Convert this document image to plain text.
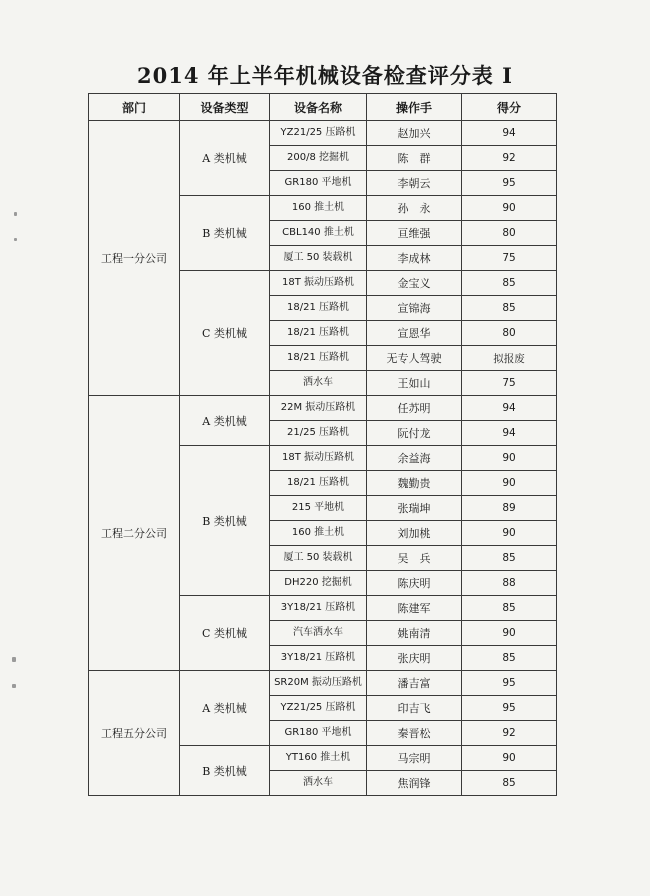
2014 年上半年机械设备检查评分表 I
部门	设备类型	设备名称	操作手	得分
工程一分公司	A 类机械	YZ21/25 压路机	赵加兴	94
		200/8 挖掘机	陈　群	92
		GR180 平地机	李朝云	95
	B 类机械	160 推土机	孙　永	90
		CBL140 推土机	亘维强	80
		厦工 50 装载机	李成林	75
	C 类机械	18T 振动压路机	金宝义	85
		18/21 压路机	宣锦海	85
		18/21 压路机	宣恩华	80
		18/21 压路机	无专人驾驶	拟报废
		洒水车	王如山	75
工程二分公司	A 类机械	22M 振动压路机	任苏明	94
		21/25 压路机	阮付龙	94
	B 类机械	18T 振动压路机	余益海	90
		18/21 压路机	魏勤贵	90
		215 平地机	张瑞坤	89
		160 推土机	刘加桃	90
		厦工 50 装载机	吴　兵	85
		DH220 挖掘机	陈庆明	88
	C 类机械	3Y18/21 压路机	陈建军	85
		汽车洒水车	姚南清	90
		3Y18/21 压路机	张庆明	85
工程五分公司	A 类机械	SR20M 振动压路机	潘吉富	95
		YZ21/25 压路机	印吉飞	95
		GR180 平地机	秦晋松	92
	B 类机械	YT160 推土机	马宗明	90
		洒水车	焦润锋	85
